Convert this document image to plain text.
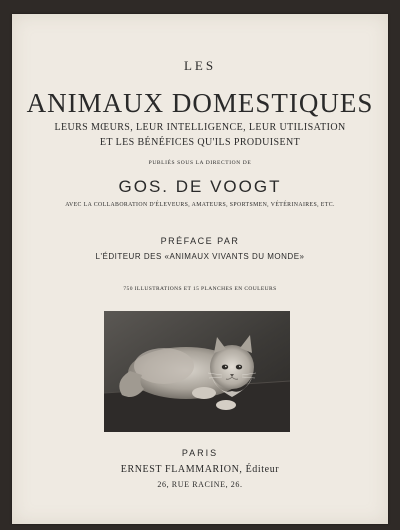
LES
ANIMAUX DOMESTIQUES
LEURS MŒURS, LEUR INTELLIGENCE, LEUR UTILISATION
ET LES BÉNÉFICES QU'ILS PRODUISENT
PUBLIÉS SOUS LA DIRECTION DE
GOS. DE VOOGT
AVEC LA COLLABORATION D'ÉLEVEURS, AMATEURS, SPORTSMEN, VÉTÉRINAIRES, ETC.
PRÉFACE PAR
L'ÉDITEUR DES «ANIMAUX VIVANTS DU MONDE»
750 ILLUSTRATIONS ET 15 PLANCHES EN COULEURS
PARIS
ERNEST FLAMMARION, Éditeur
26, RUE RACINE, 26.
